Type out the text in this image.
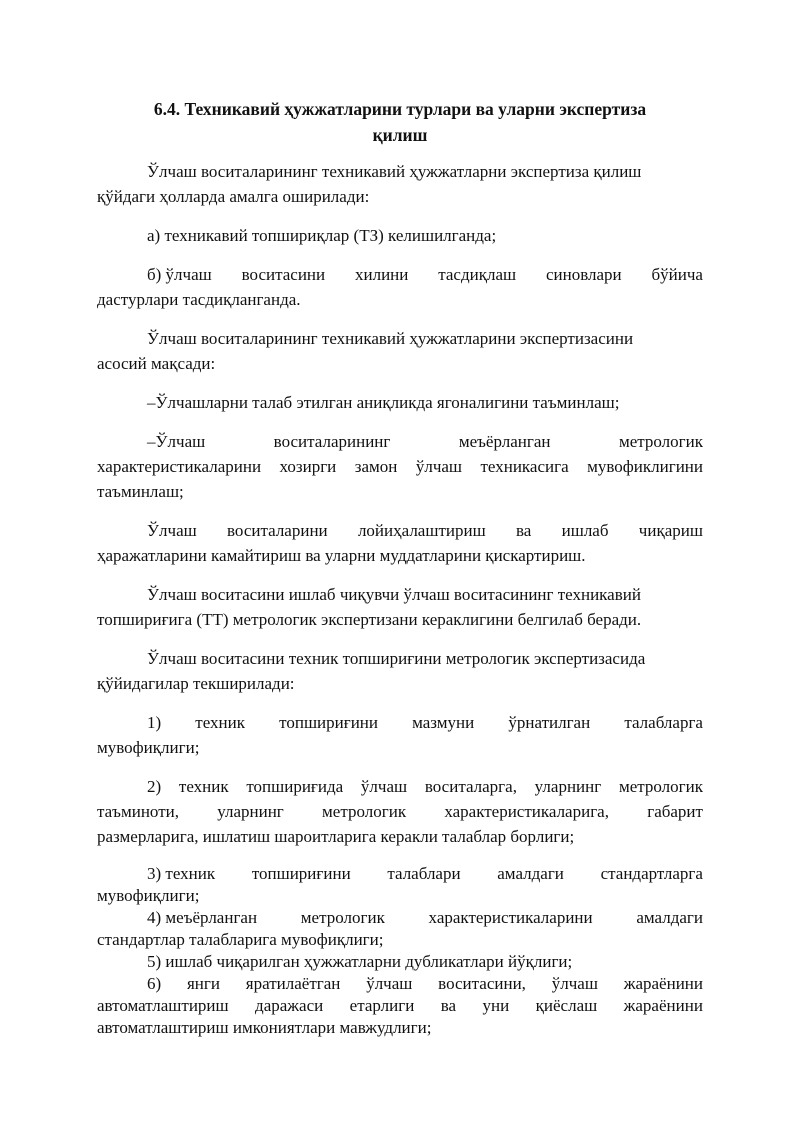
6.4. Техникавий ҳужжатларини турлари ва уларни экспертиза
қилиш
Ўлчаш воситаларининг техникавий ҳужжатларни экспертиза қилиш
қўйдаги ҳолларда амалга оширилади:
а) техникавий топшириқлар (ТЗ) келишилганда;
б) ўлчаш воситасини хилини тасдиқлаш синовлари бўйича
дастурлари тасдиқланганда.
Ўлчаш воситаларининг техникавий ҳужжатларини экспертизасини
асосий мақсади:
–Ўлчашларни талаб этилган аниқликда ягоналигини таъминлаш;
–Ўлчаш	воситаларининг	меъёрланган	метрологик
характеристикаларини хозирги замон ўлчаш техникасига мувофиклигини
таъминлаш;
Ўлчаш воситаларини лойиҳалаштириш ва ишлаб чиқариш
ҳаражатларини камайтириш ва уларни муддатларини қискартириш.
Ўлчаш воситасини ишлаб чиқувчи ўлчаш воситасининг техникавий
топшириғига (ТТ) метрологик экспертизани кераклигини белгилаб беради.
Ўлчаш воситасини техник топшириғини метрологик экспертизасида
қўйидагилар текширилади:
1) техник топшириғини мазмуни ўрнатилган талабларга
мувофиқлиги;
2) техник топшириғида ўлчаш воситаларга, уларнинг метрологик
таъминоти, уларнинг метрологик характеристикаларига, габарит
размерларига, ишлатиш шароитларига керакли талаблар борлиги;
3) техник топшириғини талаблари амалдаги стандартларга
мувофиқлиги;
4) меъёрланган	метрологик	характеристикаларини	амалдаги
стандартлар талабларига мувофиқлиги;
5) ишлаб чиқарилган ҳужжатларни дубликатлари йўқлиги;
6) янги яратилаётган ўлчаш воситасини, ўлчаш жараёнини
автоматлаштириш даражаси етарлиги ва уни қиёслаш жараёнини
автоматлаштириш имкониятлари мавжудлиги;
